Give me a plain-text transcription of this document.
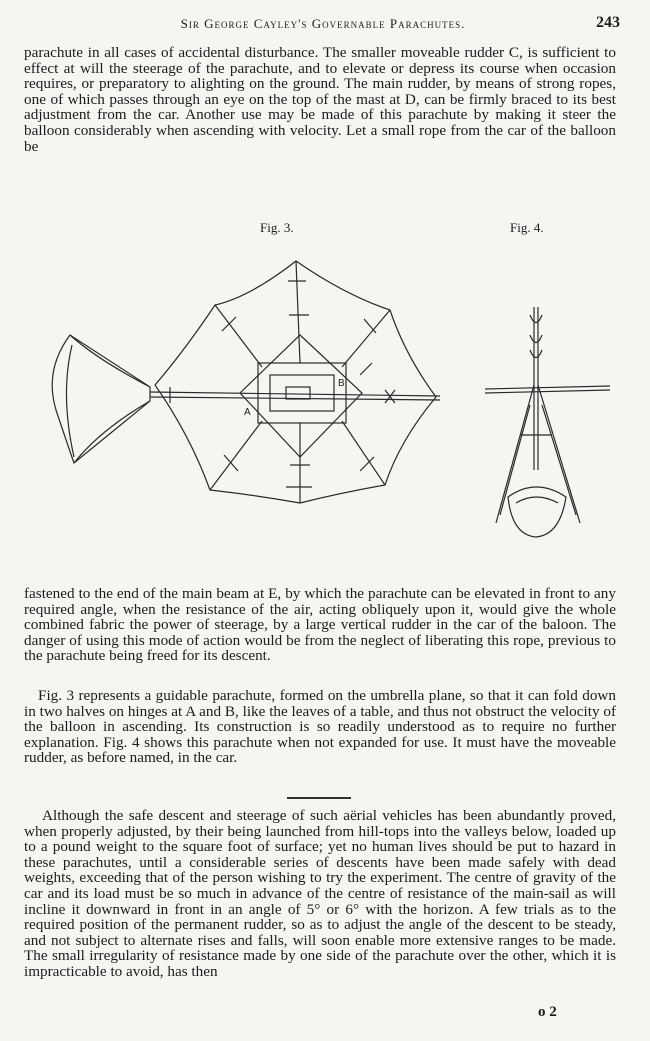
Sir George Cayley's Governable Parachutes.	243

parachute in all cases of accidental disturbance. The smaller moveable rudder C, is sufficient to effect at will the steerage of the parachute, and to elevate or depress its course when occasion requires, or preparatory to alighting on the ground. The main rudder, by means of strong ropes, one of which passes through an eye on the top of the mast at D, can be firmly braced to its best adjustment from the car. Another use may be made of this parachute by making it steer the balloon considerably when ascending with velocity. Let a small rope from the car of the balloon be

Fig. 3.	Fig. 4.
A
B

fastened to the end of the main beam at E, by which the parachute can be elevated in front to any required angle, when the resistance of the air, acting obliquely upon it, would give the whole combined fabric the power of steerage, by a large vertical rudder in the car of the baloon. The danger of using this mode of action would be from the neglect of liberating this rope, previous to the parachute being freed for its descent.

Fig. 3 represents a guidable parachute, formed on the umbrella plane, so that it can fold down in two halves on hinges at A and B, like the leaves of a table, and thus not obstruct the velocity of the balloon in ascending. Its construction is so readily understood as to require no further explanation. Fig. 4 shows this parachute when not expanded for use. It must have the moveable rudder, as before named, in the car.

Although the safe descent and steerage of such aërial vehicles has been abundantly proved, when properly adjusted, by their being launched from hill-tops into the valleys below, loaded up to a pound weight to the square foot of surface; yet no human lives should be put to hazard in these parachutes, until a considerable series of descents have been made safely with dead weights, exceeding that of the person wishing to try the experiment. The centre of gravity of the car and its load must be so much in advance of the centre of resistance of the main-sail as will incline it downward in front in an angle of 5° or 6° with the horizon. A few trials as to the required position of the permanent rudder, so as to adjust the angle of the descent to be steady, and not subject to alternate rises and falls, will soon enable more extensive ranges to be made. The small irregularity of resistance made by one side of the parachute over the other, which it is impracticable to avoid, has then

o 2
